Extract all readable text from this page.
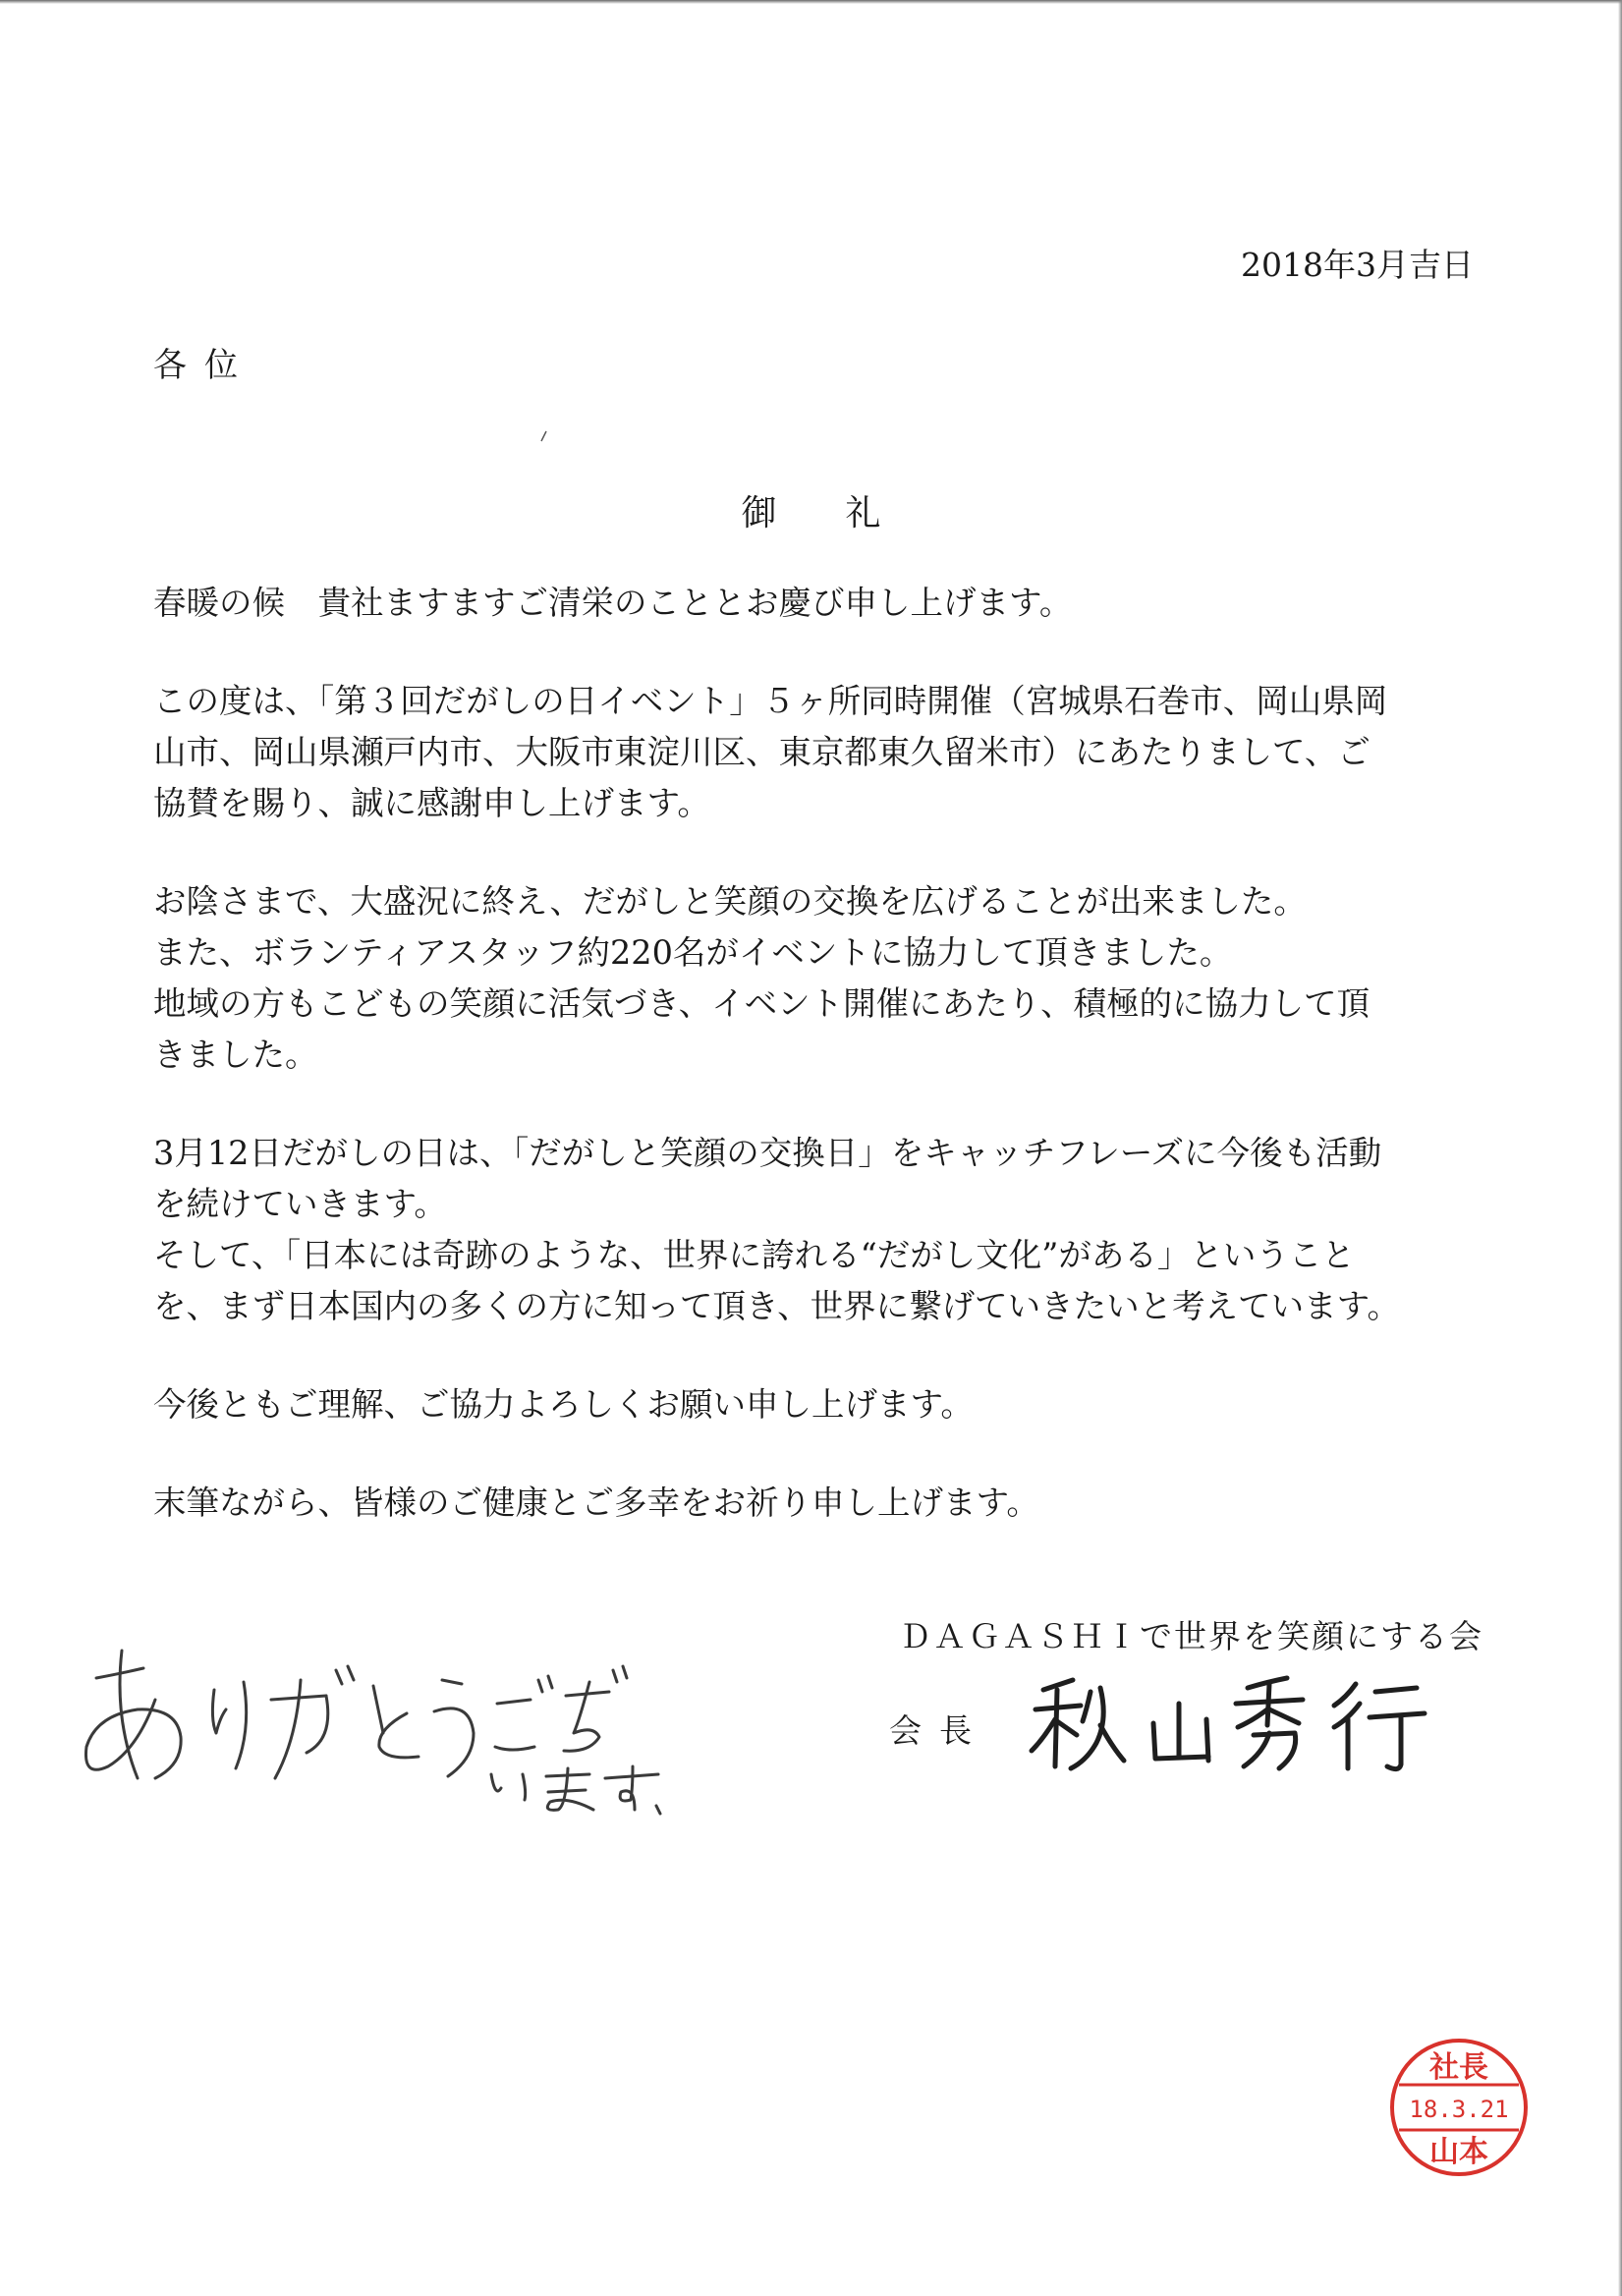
2018年3月吉日
各位
御礼
春暖の候　貴社ますますご清栄のこととお慶び申し上げます。
この度は、「第３回だがしの日イベント」５ヶ所同時開催（宮城県石巻市、岡山県岡
山市、岡山県瀬戸内市、大阪市東淀川区、東京都東久留米市）にあたりまして、ご
協賛を賜り、誠に感謝申し上げます。
お陰さまで、大盛況に終え、だがしと笑顔の交換を広げることが出来ました。
また、ボランティアスタッフ約220名がイベントに協力して頂きました。
地域の方もこどもの笑顔に活気づき、イベント開催にあたり、積極的に協力して頂
きました。
3月12日だがしの日は、「だがしと笑顔の交換日」をキャッチフレーズに今後も活動
を続けていきます。
そして、「日本には奇跡のような、世界に誇れる“だがし文化”がある」ということ
を、まず日本国内の多くの方に知って頂き、世界に繋げていきたいと考えています。
今後ともご理解、ご協力よろしくお願い申し上げます。
末筆ながら、皆様のご健康とご多幸をお祈り申し上げます。
ＤＡＧＡＳＨＩで世界を笑顔にする会
会長
社長
18.3.21
山本
